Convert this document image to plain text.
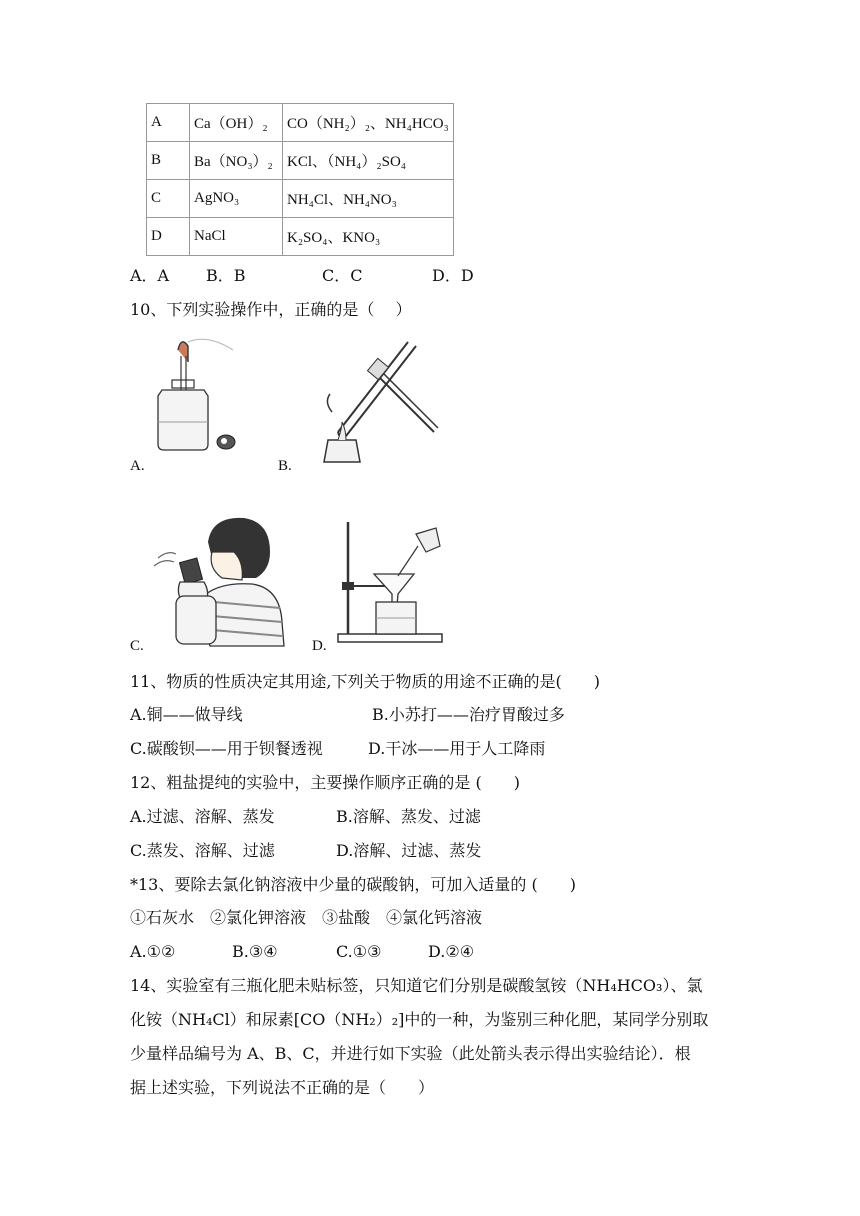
A	Ca（OH）₂	CO（NH₂）₂、NH₄HCO₃
B	Ba（NO₃）₂	KCl、（NH₄）₂SO₄
C	AgNO₃	NH₄Cl、NH₄NO₃
D	NaCl	K₂SO₄、KNO₃
A．A B．B	C．C	D．D
10、下列实验操作中，正确的是（　 ）
A.	B.
C.	D.
11、物质的性质决定其用途,下列关于物质的用途不正确的是(　　)
A.铜——做导线	B.小苏打——治疗胃酸过多
C.碳酸钡——用于钡餐透视	D.干冰——用于人工降雨
12、粗盐提纯的实验中，主要操作顺序正确的是 (　　)
A.过滤、溶解、蒸发	B.溶解、蒸发、过滤
C.蒸发、溶解、过滤	D.溶解、过滤、蒸发
*13、要除去氯化钠溶液中少量的碳酸钠，可加入适量的 (　　)
①石灰水　②氯化钾溶液　③盐酸　④氯化钙溶液
A.①②	B.③④	C.①③	D.②④
14、实验室有三瓶化肥未贴标签，只知道它们分别是碳酸氢铵（NH₄HCO₃）、氯
化铵（NH₄Cl）和尿素[CO（NH₂）₂]中的一种，为鉴别三种化肥，某同学分别取
少量样品编号为 A、B、C，并进行如下实验（此处箭头表示得出实验结论）．根
据上述实验，下列说法不正确的是（　　）
